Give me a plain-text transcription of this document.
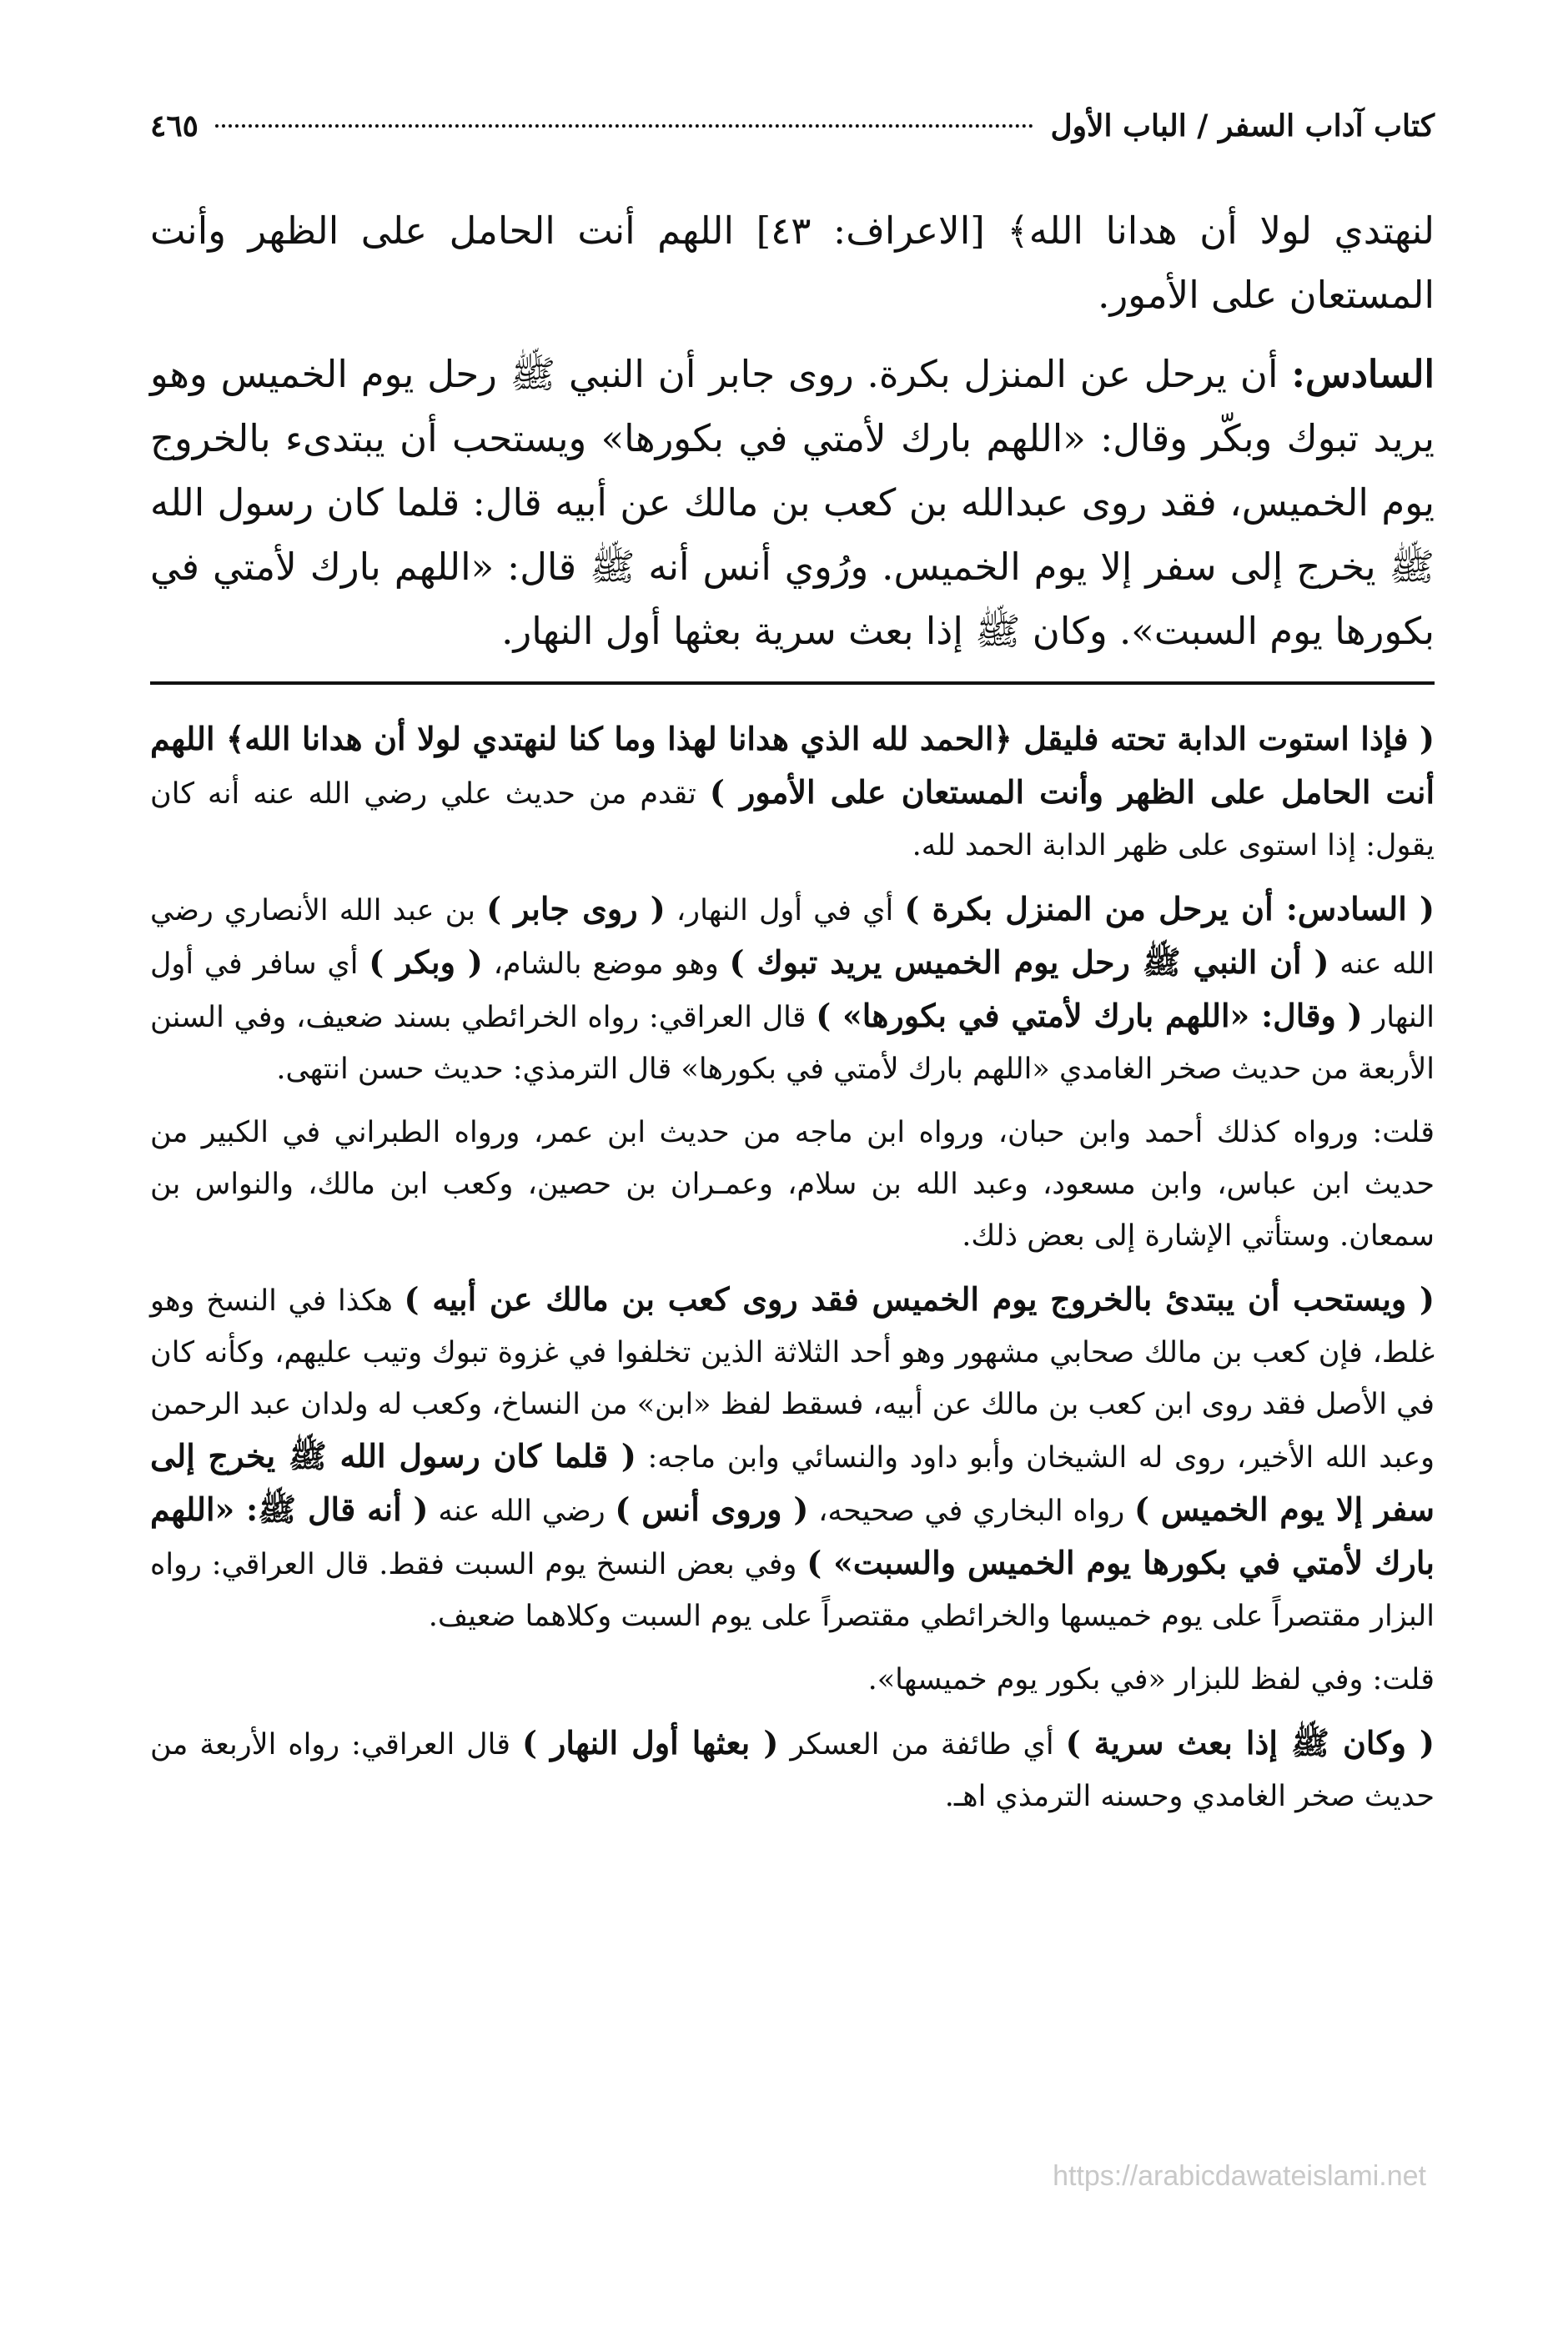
كتاب آداب السفر / الباب الأول
٤٦٥

لنهتدي لولا أن هدانا الله﴾ [الاعراف: ٤٣] اللهم أنت الحامل على الظهر وأنت المستعان على الأمور.

السادس: أن يرحل عن المنزل بكرة. روى جابر أن النبي ﷺ رحل يوم الخميس وهو يريد تبوك وبكّر وقال: «اللهم بارك لأمتي في بكورها» ويستحب أن يبتدىء بالخروج يوم الخميس، فقد روى عبدالله بن كعب بن مالك عن أبيه قال: قلما كان رسول الله ﷺ يخرج إلى سفر إلا يوم الخميس. ورُوي أنس أنه ﷺ قال: «اللهم بارك لأمتي في بكورها يوم السبت». وكان ﷺ إذا بعث سرية بعثها أول النهار.

( فإذا استوت الدابة تحته فليقل ﴿الحمد لله الذي هدانا لهذا وما كنا لنهتدي لولا أن هدانا الله﴾ اللهم أنت الحامل على الظهر وأنت المستعان على الأمور ) تقدم من حديث علي رضي الله عنه أنه كان يقول: إذا استوى على ظهر الدابة الحمد لله.

( السادس: أن يرحل من المنزل بكرة ) أي في أول النهار، ( روى جابر ) بن عبد الله الأنصاري رضي الله عنه ( أن النبي ﷺ رحل يوم الخميس يريد تبوك ) وهو موضع بالشام، ( وبكر ) أي سافر في أول النهار ( وقال: «اللهم بارك لأمتي في بكورها» ) قال العراقي: رواه الخرائطي بسند ضعيف، وفي السنن الأربعة من حديث صخر الغامدي «اللهم بارك لأمتي في بكورها» قال الترمذي: حديث حسن انتهى.

قلت: ورواه كذلك أحمد وابن حبان، ورواه ابن ماجه من حديث ابن عمر، ورواه الطبراني في الكبير من حديث ابن عباس، وابن مسعود، وعبد الله بن سلام، وعمـران بن حصين، وكعب ابن مالك، والنواس بن سمعان. وستأتي الإشارة إلى بعض ذلك.

( ويستحب أن يبتدئ بالخروج يوم الخميس فقد روى كعب بن مالك عن أبيه ) هكذا في النسخ وهو غلط، فإن كعب بن مالك صحابي مشهور وهو أحد الثلاثة الذين تخلفوا في غزوة تبوك وتيب عليهم، وكأنه كان في الأصل فقد روى ابن كعب بن مالك عن أبيه، فسقط لفظ «ابن» من النساخ، وكعب له ولدان عبد الرحمن وعبد الله الأخير، روى له الشيخان وأبو داود والنسائي وابن ماجه: ( قلما كان رسول الله ﷺ يخرج إلى سفر إلا يوم الخميس ) رواه البخاري في صحيحه، ( وروى أنس ) رضي الله عنه ( أنه قال ﷺ: «اللهم بارك لأمتي في بكورها يوم الخميس والسبت» ) وفي بعض النسخ يوم السبت فقط. قال العراقي: رواه البزار مقتصراً على يوم خميسها والخرائطي مقتصراً على يوم السبت وكلاهما ضعيف.

قلت: وفي لفظ للبزار «في بكور يوم خميسها».

( وكان ﷺ إذا بعث سرية ) أي طائفة من العسكر ( بعثها أول النهار ) قال العراقي: رواه الأربعة من حديث صخر الغامدي وحسنه الترمذي اهـ.

https://arabicdawateislami.net
